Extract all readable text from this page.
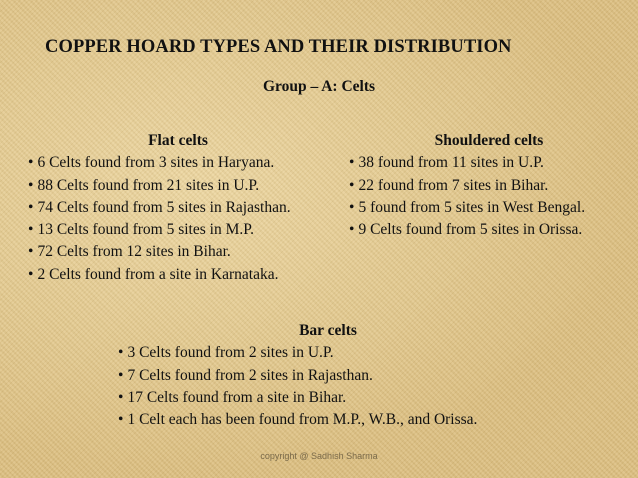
COPPER HOARD TYPES AND THEIR DISTRIBUTION
Group – A: Celts
Flat celts
• 6 Celts found from 3 sites in Haryana.
• 88 Celts found from 21 sites in U.P.
• 74 Celts found from 5 sites in Rajasthan.
• 13 Celts found from 5 sites in M.P.
• 72 Celts from 12 sites in Bihar.
• 2 Celts found from a site in Karnataka.
Shouldered celts
• 38 found from 11 sites in U.P.
• 22 found from 7 sites in Bihar.
• 5 found from 5 sites in West Bengal.
• 9 Celts found from 5 sites in Orissa.
Bar celts
• 3 Celts found from 2 sites in U.P.
• 7 Celts found from 2 sites in Rajasthan.
• 17 Celts found from a site in Bihar.
• 1 Celt each has been found from M.P., W.B., and Orissa.
copyright @ Sadhish Sharma
